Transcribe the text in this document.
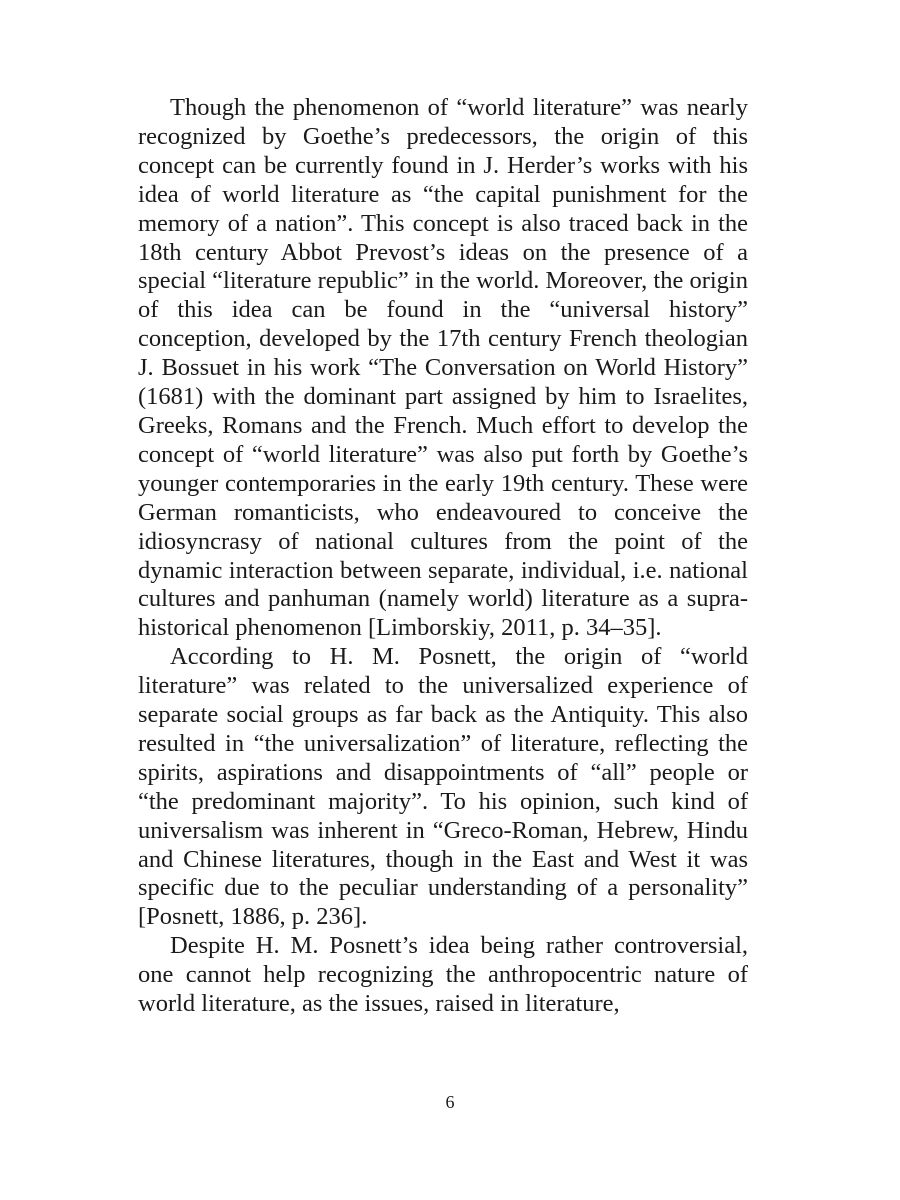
Though the phenomenon of “world literature” was nearly recognized by Goethe’s predecessors, the origin of this concept can be currently found in J. Herder’s works with his idea of world literature as “the capital punishment for the memory of a nation”. This concept is also traced back in the 18th century Abbot Prevost’s ideas on the presence of a special “literature republic” in the world. Moreover, the origin of this idea can be found in the “universal history” conception, developed by the 17th century French theologian J. Bossuet in his work “The Conversation on World History” (1681) with the dominant part assigned by him to Israelites, Greeks, Romans and the French. Much effort to develop the concept of “world literature” was also put forth by Goethe’s younger contemporaries in the early 19th century. These were German romanticists, who endeavoured to conceive the idiosyncrasy of national cultures from the point of the dynamic interaction between separate, individual, i.e. national cultures and panhuman (namely world) literature as a supra-historical phenomenon [Limborskiy, 2011, p. 34–35].

According to H. M. Posnett, the origin of “world literature” was related to the universalized experience of separate social groups as far back as the Antiquity. This also resulted in “the universalization” of literature, reflecting the spirits, aspirations and disappointments of “all” people or “the predominant majority”. To his opinion, such kind of universalism was inherent in “Greco-Roman, Hebrew, Hindu and Chinese literatures, though in the East and West it was specific due to the peculiar understanding of a personality” [Posnett, 1886, p. 236].

Despite H. M. Posnett’s idea being rather controversial, one cannot help recognizing the anthropocentric nature of world literature, as the issues, raised in literature,

6
